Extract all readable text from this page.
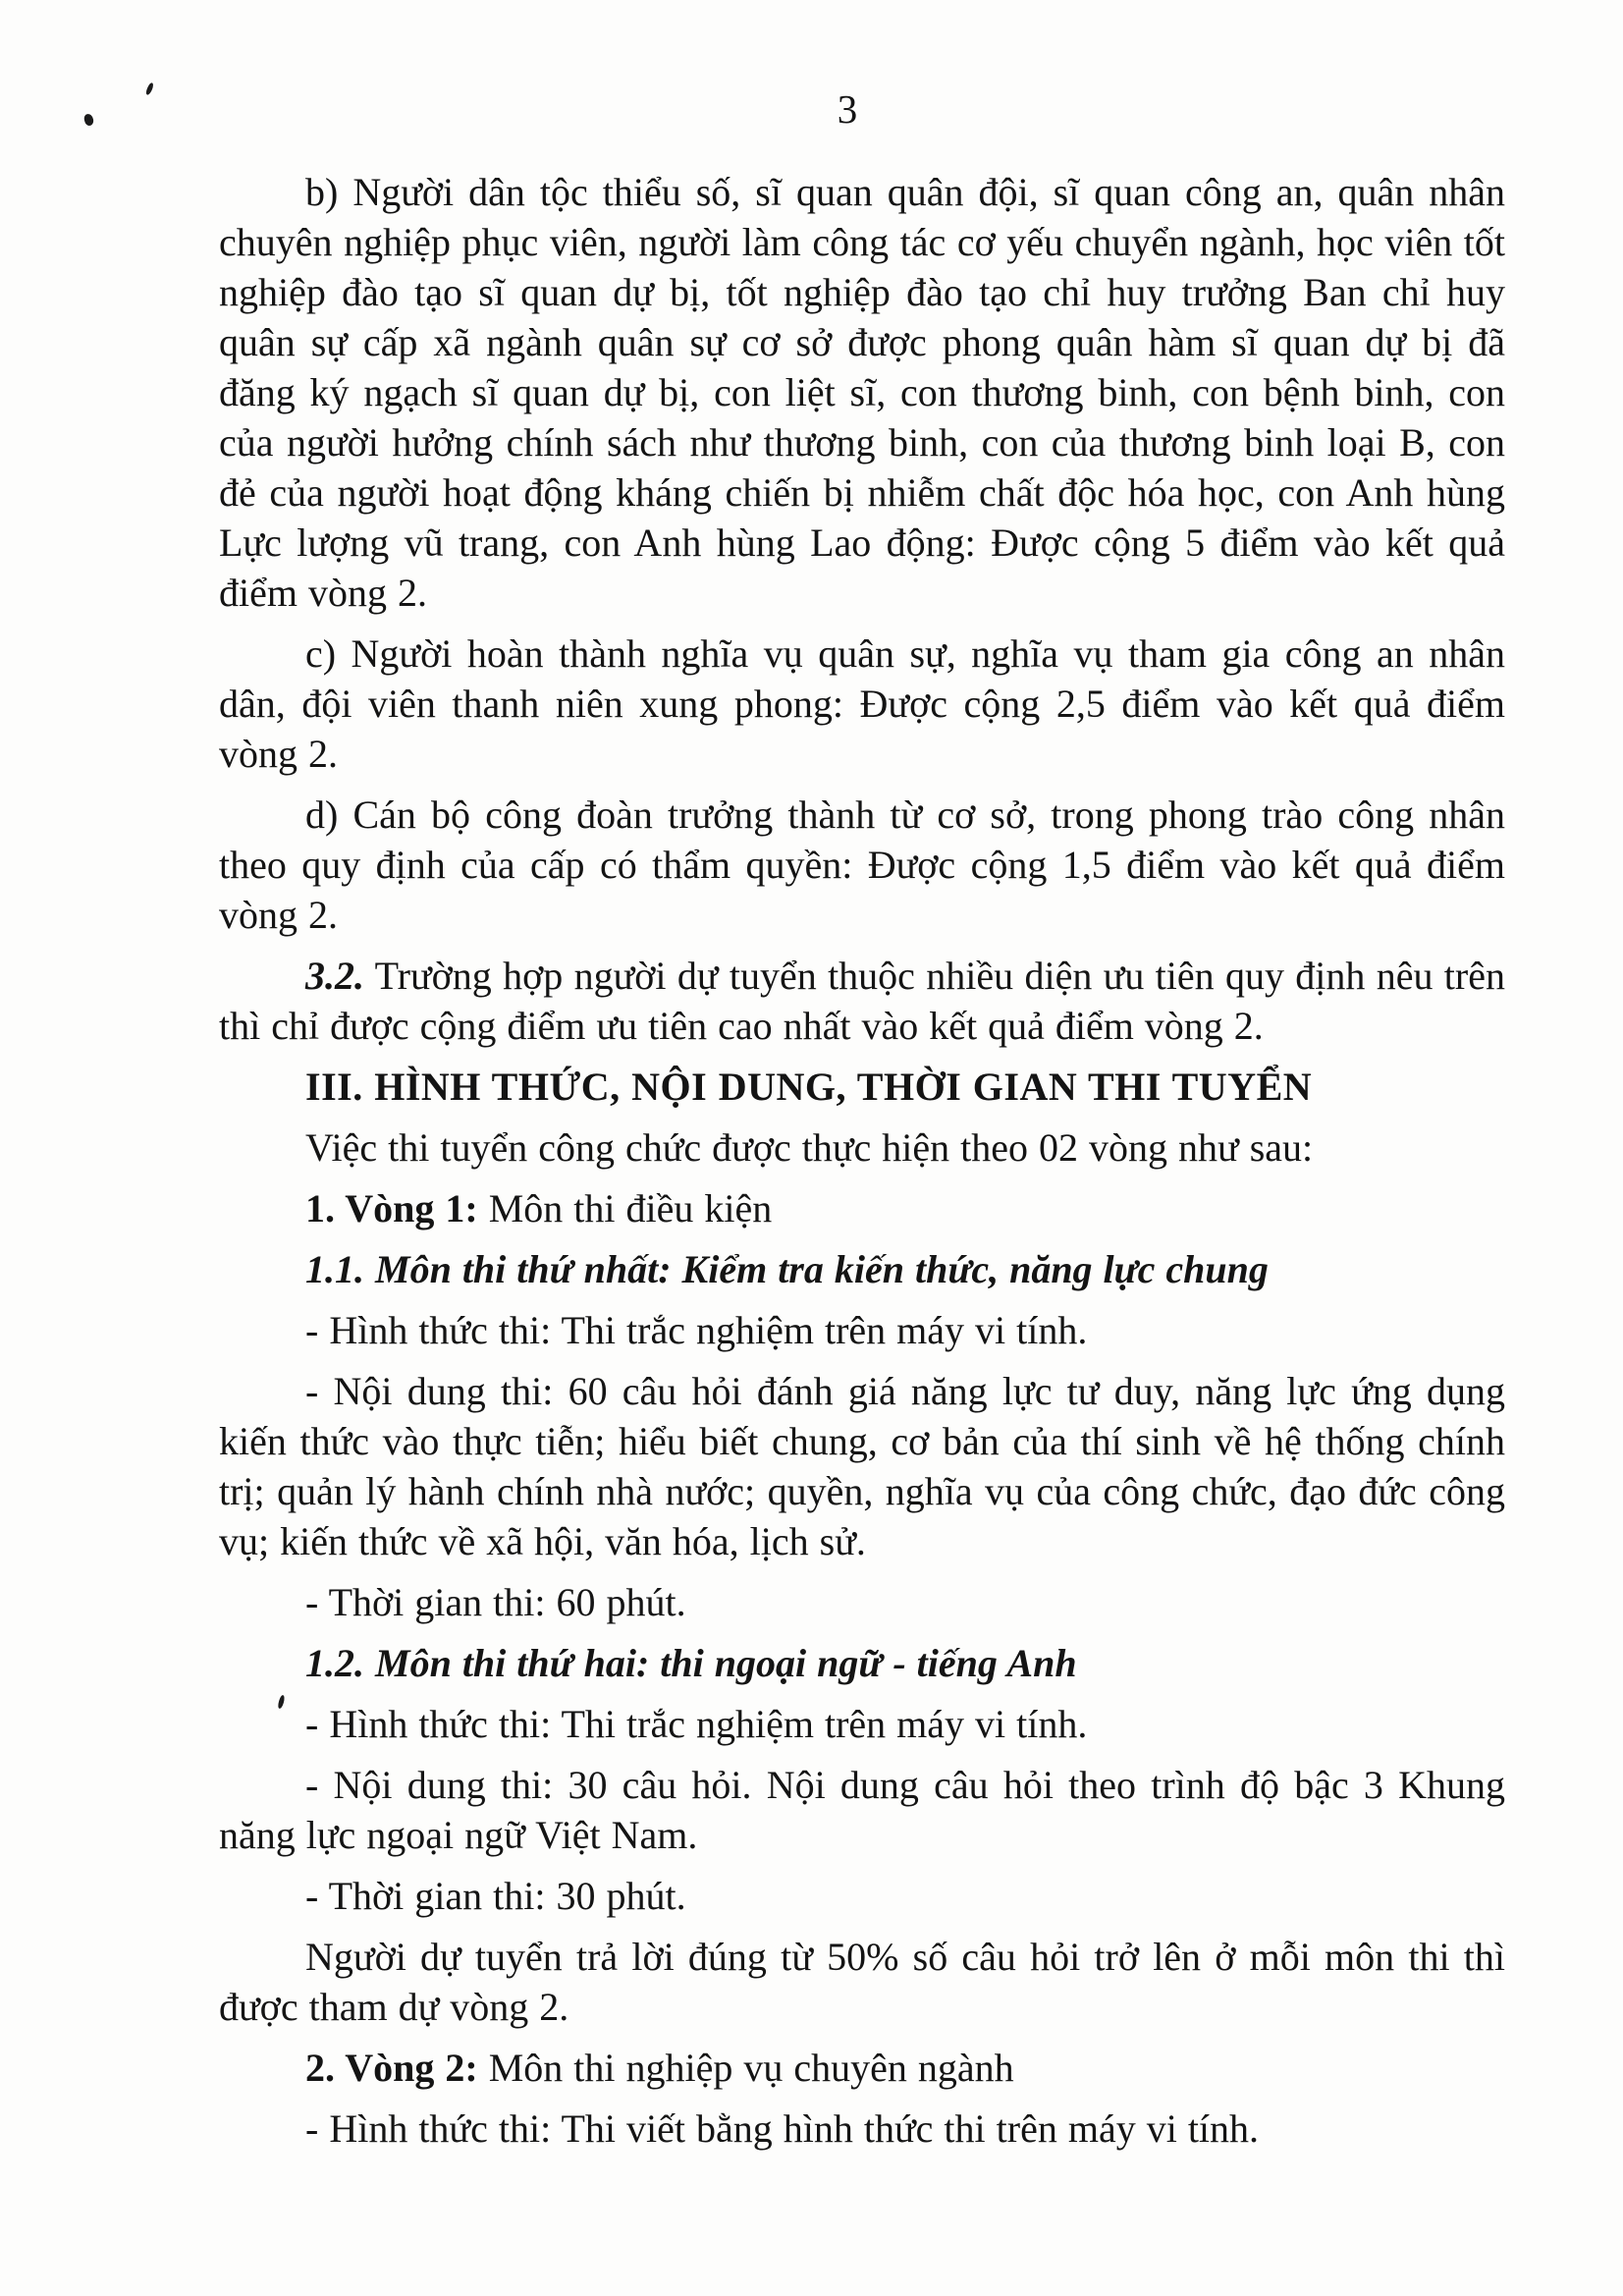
3

b) Người dân tộc thiểu số, sĩ quan quân đội, sĩ quan công an, quân nhân chuyên nghiệp phục viên, người làm công tác cơ yếu chuyển ngành, học viên tốt nghiệp đào tạo sĩ quan dự bị, tốt nghiệp đào tạo chỉ huy trưởng Ban chỉ huy quân sự cấp xã ngành quân sự cơ sở được phong quân hàm sĩ quan dự bị đã đăng ký ngạch sĩ quan dự bị, con liệt sĩ, con thương binh, con bệnh binh, con của người hưởng chính sách như thương binh, con của thương binh loại B, con đẻ của người hoạt động kháng chiến bị nhiễm chất độc hóa học, con Anh hùng Lực lượng vũ trang, con Anh hùng Lao động: Được cộng 5 điểm vào kết quả điểm vòng 2.

c) Người hoàn thành nghĩa vụ quân sự, nghĩa vụ tham gia công an nhân dân, đội viên thanh niên xung phong: Được cộng 2,5 điểm vào kết quả điểm vòng 2.

d) Cán bộ công đoàn trưởng thành từ cơ sở, trong phong trào công nhân theo quy định của cấp có thẩm quyền: Được cộng 1,5 điểm vào kết quả điểm vòng 2.

3.2. Trường hợp người dự tuyển thuộc nhiều diện ưu tiên quy định nêu trên thì chỉ được cộng điểm ưu tiên cao nhất vào kết quả điểm vòng 2.

III. HÌNH THỨC, NỘI DUNG, THỜI GIAN THI TUYỂN

Việc thi tuyển công chức được thực hiện theo 02 vòng như sau:

1. Vòng 1: Môn thi điều kiện

1.1. Môn thi thứ nhất: Kiểm tra kiến thức, năng lực chung

- Hình thức thi: Thi trắc nghiệm trên máy vi tính.

- Nội dung thi: 60 câu hỏi đánh giá năng lực tư duy, năng lực ứng dụng kiến thức vào thực tiễn; hiểu biết chung, cơ bản của thí sinh về hệ thống chính trị; quản lý hành chính nhà nước; quyền, nghĩa vụ của công chức, đạo đức công vụ; kiến thức về xã hội, văn hóa, lịch sử.

- Thời gian thi: 60 phút.

1.2. Môn thi thứ hai: thi ngoại ngữ - tiếng Anh

- Hình thức thi: Thi trắc nghiệm trên máy vi tính.

- Nội dung thi: 30 câu hỏi. Nội dung câu hỏi theo trình độ bậc 3 Khung năng lực ngoại ngữ Việt Nam.

- Thời gian thi: 30 phút.

Người dự tuyển trả lời đúng từ 50% số câu hỏi trở lên ở mỗi môn thi thì được tham dự vòng 2.

2. Vòng 2: Môn thi nghiệp vụ chuyên ngành

- Hình thức thi: Thi viết bằng hình thức thi trên máy vi tính.
